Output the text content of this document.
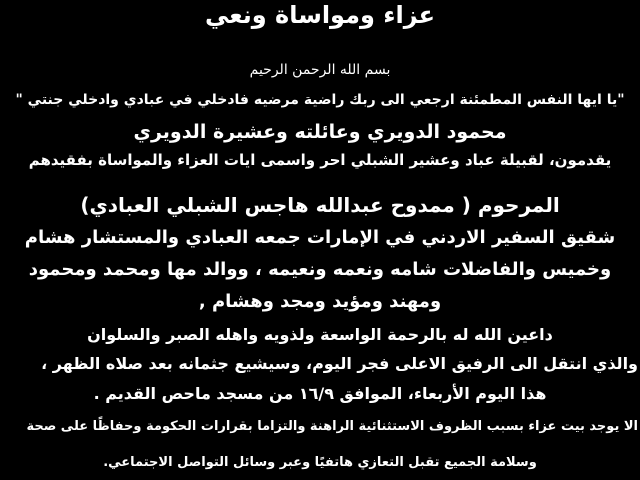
عزاء ومواساة ونعي
بسم الله الرحمن الرحيم
"يا ايها النفس المطمئنة ارجعي الى ربك راضية مرضيه فادخلي في عبادي وادخلي جنتي "
محمود الدويري وعائلته وعشيرة الدويري
يقدمون، لقبيلة عباد وعشير الشبلي احر واسمى ايات العزاء والمواساة بفقيدهم
المرحوم ( ممدوح عبدالله هاجس الشبلي العبادي)
شقيق السفير الاردني في الإمارات جمعه العبادي والمستشار هشام
وخميس والفاضلات شامه ونعمه ونعيمه ، ووالد مها ومحمد ومحمود
ومهند ومؤيد ومجد وهشام ,
داعين الله له بالرحمة الواسعة ولذويه واهله الصبر والسلوان
والذي انتقل الى الرفيق الاعلى فجر اليوم، وسيشيع جثمانه بعد صلاه الظهر ،
هذا اليوم الأربعاء، الموافق ١٦/٩ من مسجد ماحص القديم .
الا يوجد بيت عزاء بسبب الظروف الاستثنائية الراهنة والتزاما بقرارات الحكومة وحفاظًا على صحة
وسلامة الجميع تقبل التعازي هاتفيًا وعبر وسائل التواصل الاجتماعي.
